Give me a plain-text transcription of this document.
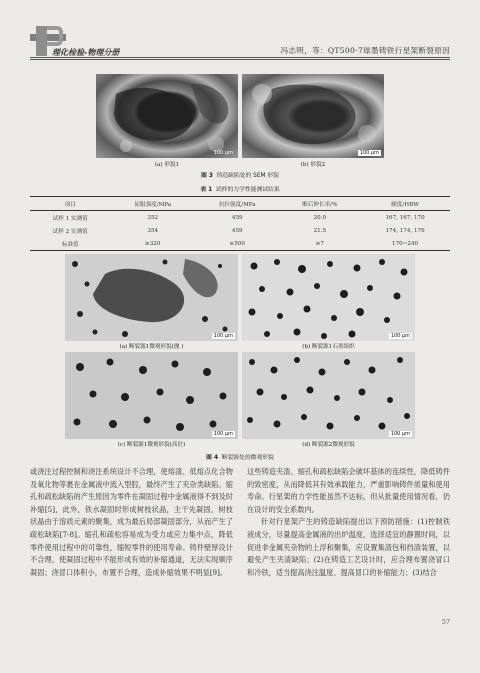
理化检验-物理分册	冯志明，等：QT500-7球墨铸铁行星架断裂原因
100 μm	100 μm
(a) 形貌1	(b) 形貌2
图 3 铸造缺陷处的 SEM 形貌
表 1 试样的力学性能测试结果
项目	屈服强度/MPa	抗拉强度/MPa	断后伸长率/%	硬度/HBW
试样 1 实测值	352	459	20.0	167, 167, 170
试样 2 实测值	354	459	21.5	174, 174, 176
标准值	≥320	≥500	≥7	170~240
100 μm	100 μm
(a) 断裂源1微观形貌(抛 )	(b) 断裂源1石墨组织
100 μm	100 μm
(c) 断裂源1微观形貌(高倍)	(d) 断裂源2微观形貌
图 4 断裂源处的微观形貌

或浇注过程控制和浇注系统设计不合理，使熔渣、低熔点化合物及氧化物等裹在金属液中流入型腔，最终产生了夹杂类缺陷。缩孔和疏松缺陷的产生原因为零件在凝固过程中金属液得不到及时补缩[5]，此外，铁水凝固时形成树枝状晶，主干先凝固，树枝状晶由于溶质元素的聚集，成为最后局部凝固部分，从而产生了疏松缺陷[7-8]。缩孔和疏松容易成为受力或应力集中点，降低零件使用过程中的可靠性，缩短零件的使用寿命。铸件壁厚设计不合理，使凝固过程中不能形成有效的补缩通道，无法实现顺序凝固；浇冒口体积小，布置不合理，造成补缩效果不明显[9]。

这些铸造夹渣、缩孔和疏松缺陷会破坏基体的连续性，降低铸件的致密度，从而降低其有效承载能力，严重影响铸件质量和使用寿命。行星架的力学性能虽然不达标，但从批量使用情况看，仍在设计的安全系数内。

针对行星架产生的铸造缺陷提出以下预防措施：(1)控制铁液成分，尽量提高金属液的出炉温度，选择适宜的静置时间，以促进非金属夹杂物的上浮和聚集，应设置集渣包和挡渣装置，以避免产生夹渣缺陷；(2)在铸造工艺设计时，应合理布置浇冒口和冷铁，适当提高浇注温度、提高冒口的补缩能力；(3)结合

57
